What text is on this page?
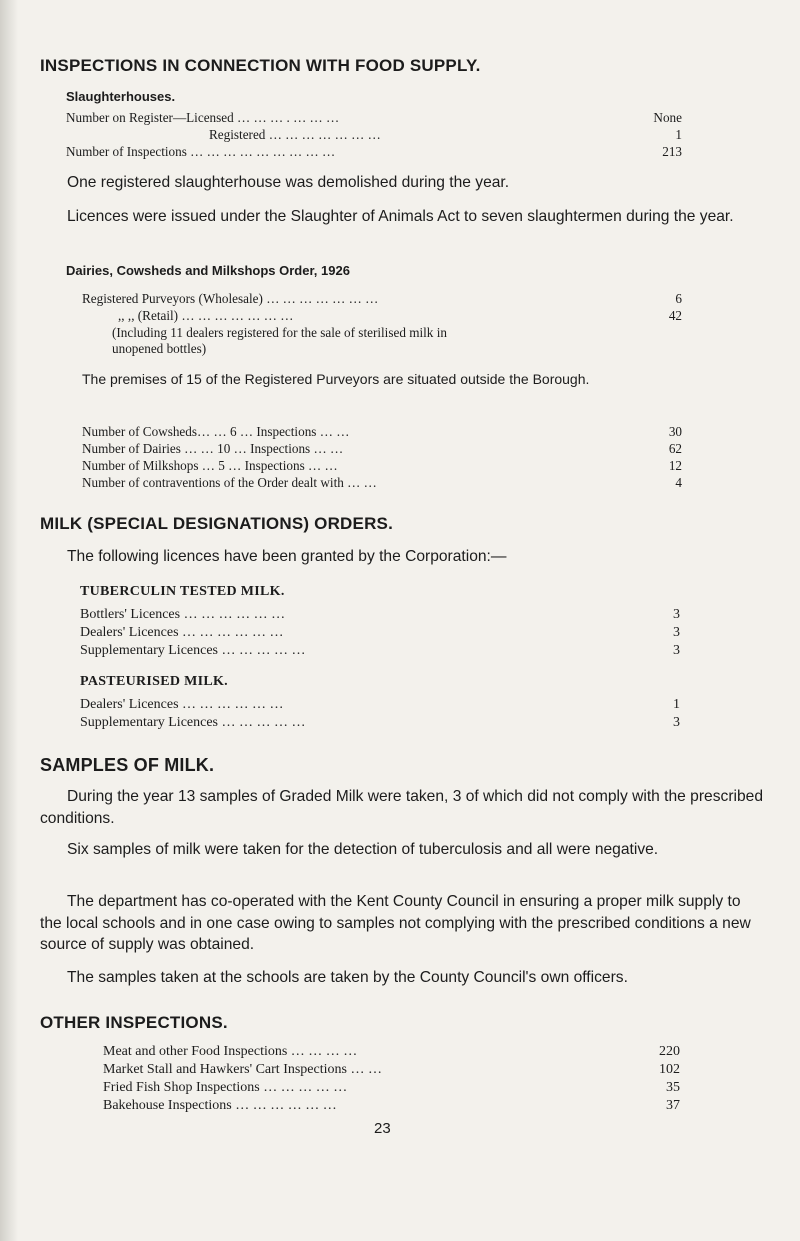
INSPECTIONS IN CONNECTION WITH FOOD SUPPLY.
Slaughterhouses.
Number on Register—Licensed … … … . … … …	None
Registered … … … … … … …	1
Number of Inspections … … … … … … … … …	213
One registered slaughterhouse was demolished during the year.
Licences were issued under the Slaughter of Animals Act to seven slaughtermen during the year.
Dairies, Cowsheds and Milkshops Order, 1926
Registered Purveyors (Wholesale) … … … … … … …	6
,, ,, (Retail) … … … … … … …	42
(Including 11 dealers registered for the sale of sterilised milk in unopened bottles)
The premises of 15 of the Registered Purveyors are situated outside the Borough.
Number of Cowsheds… … 6 … Inspections … …	30
Number of Dairies … … 10 … Inspections … …	62
Number of Milkshops … 5 … Inspections … …	12
Number of contraventions of the Order dealt with … …	4
MILK (SPECIAL DESIGNATIONS) ORDERS.
The following licences have been granted by the Corporation:—
TUBERCULIN TESTED MILK.
Bottlers' Licences … … … … … …	3
Dealers' Licences … … … … … …	3
Supplementary Licences … … … … …	3
PASTEURISED MILK.
Dealers' Licences … … … … … …	1
Supplementary Licences … … … … …	3
SAMPLES OF MILK.
During the year 13 samples of Graded Milk were taken, 3 of which did not comply with the prescribed conditions.
Six samples of milk were taken for the detection of tuberculosis and all were negative.
The department has co-operated with the Kent County Council in ensuring a proper milk supply to the local schools and in one case owing to samples not complying with the prescribed conditions a new source of supply was obtained.
The samples taken at the schools are taken by the County Council's own officers.
OTHER INSPECTIONS.
Meat and other Food Inspections … … … …	220
Market Stall and Hawkers' Cart Inspections … …	102
Fried Fish Shop Inspections … … … … …	35
Bakehouse Inspections … … … … … …	37
23
